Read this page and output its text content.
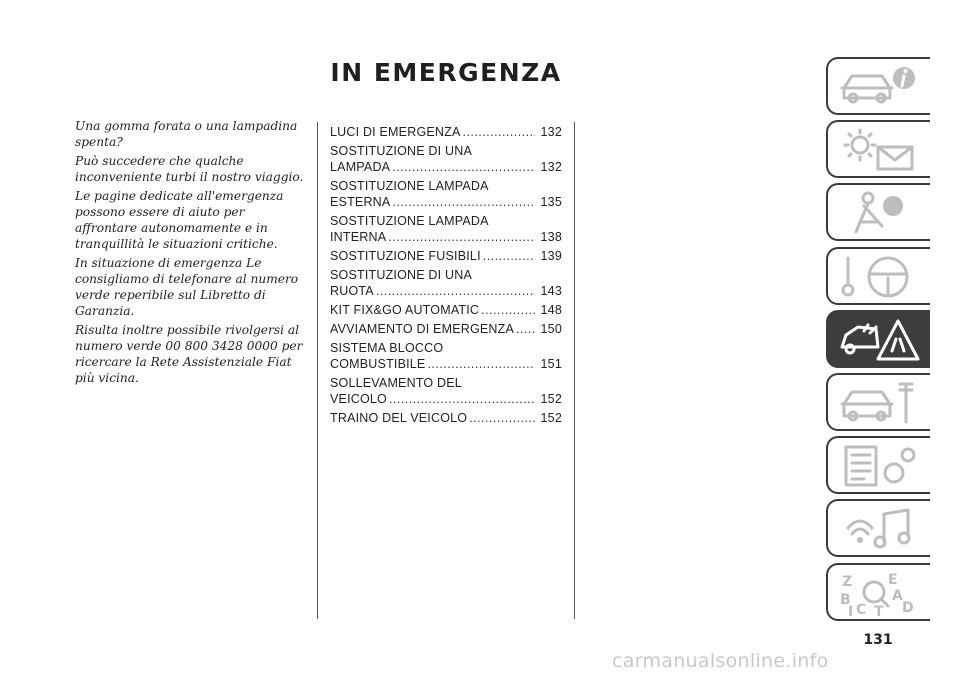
IN EMERGENZA

Una gomma forata o una lampadina spenta?

Può succedere che qualche inconveniente turbi il nostro viaggio.

Le pagine dedicate all'emergenza possono essere di aiuto per affrontare autonomamente e in tranquillità le situazioni critiche.

In situazione di emergenza Le consigliamo di telefonare al numero verde reperibile sul Libretto di Garanzia.

Risulta inoltre possibile rivolgersi al numero verde 00 800 3428 0000 per ricercare la Rete Assistenziale Fiat più vicina.

LUCI DI EMERGENZA . . .	132
SOSTITUZIONE DI UNA
LAMPADA . . .	132
SOSTITUZIONE LAMPADA
ESTERNA . . .	135
SOSTITUZIONE LAMPADA
INTERNA . . .	138
SOSTITUZIONE FUSIBILI . . .	139
SOSTITUZIONE DI UNA
RUOTA . . .	143
KIT FIX&GO AUTOMATIC . . .	148
AVVIAMENTO DI EMERGENZA . . .	150
SISTEMA BLOCCO
COMBUSTIBILE . . .	151
SOLLEVAMENTO DEL
VEICOLO . . .	152
TRAINO DEL VEICOLO . . .	152
Z	E
B	A
C	D
T
I
131
carmanualsonline.info
